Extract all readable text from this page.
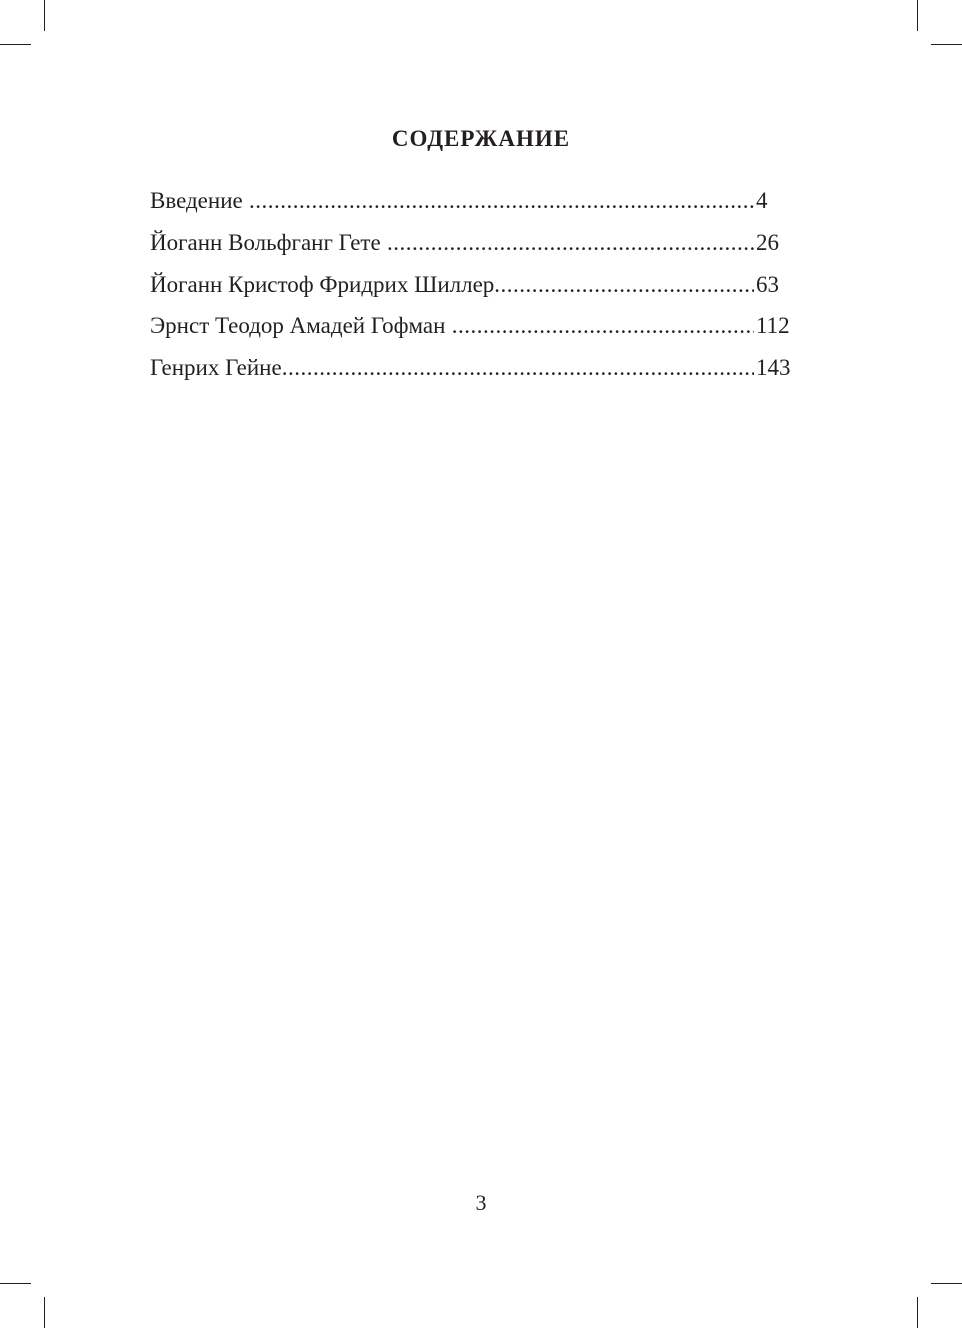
СОДЕРЖАНИЕ
Введение .....	4
Йоганн Вольфганг Гете .....	26
Йоганн Кристоф Фридрих Шиллер .....	63
Эрнст Теодор Амадей Гофман .....	112
Генрих Гейне .....	143
3
